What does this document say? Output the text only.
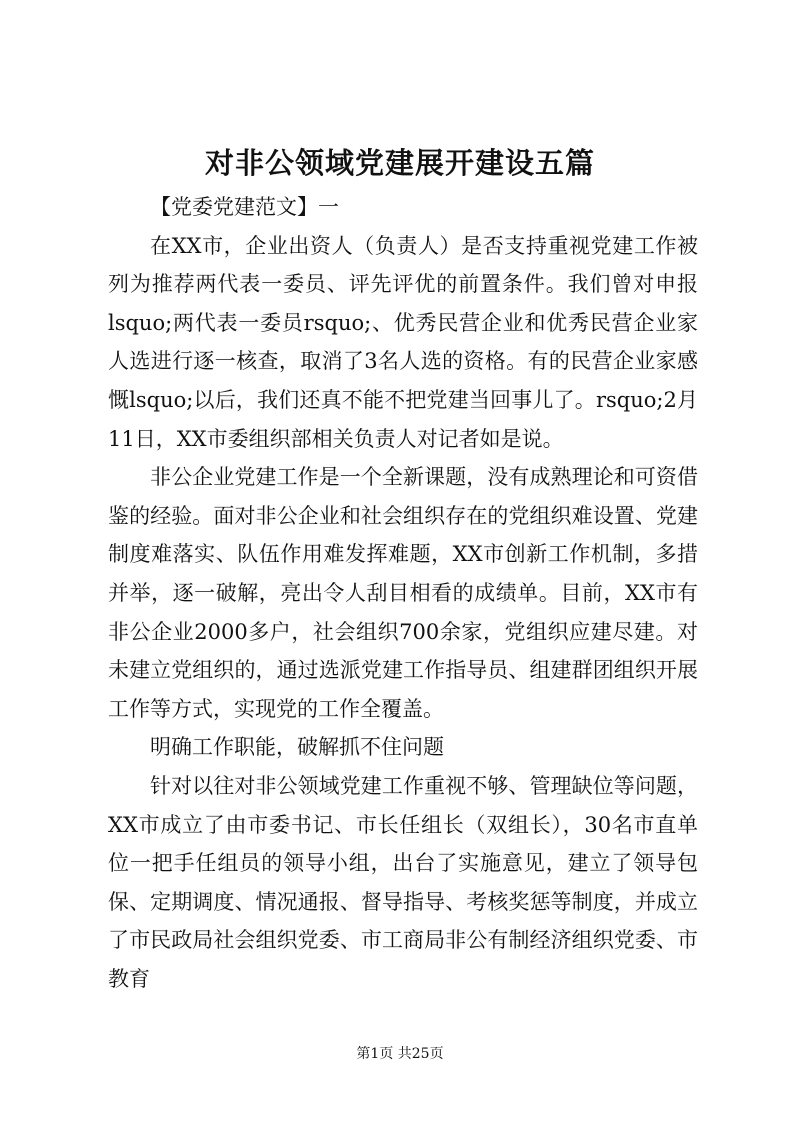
对非公领域党建展开建设五篇

【党委党建范文】一

在XX市，企业出资人（负责人）是否支持重视党建工作被列为推荐两代表一委员、评先评优的前置条件。我们曾对申报lsquo;两代表一委员rsquo;、优秀民营企业和优秀民营企业家人选进行逐一核查，取消了3名人选的资格。有的民营企业家感慨lsquo;以后，我们还真不能不把党建当回事儿了。rsquo;2月11日，XX市委组织部相关负责人对记者如是说。

非公企业党建工作是一个全新课题，没有成熟理论和可资借鉴的经验。面对非公企业和社会组织存在的党组织难设置、党建制度难落实、队伍作用难发挥难题，XX市创新工作机制，多措并举，逐一破解，亮出令人刮目相看的成绩单。目前，XX市有非公企业2000多户，社会组织700余家，党组织应建尽建。对未建立党组织的，通过选派党建工作指导员、组建群团组织开展工作等方式，实现党的工作全覆盖。

明确工作职能，破解抓不住问题

针对以往对非公领域党建工作重视不够、管理缺位等问题，XX市成立了由市委书记、市长任组长（双组长），30名市直单位一把手任组员的领导小组，出台了实施意见，建立了领导包保、定期调度、情况通报、督导指导、考核奖惩等制度，并成立了市民政局社会组织党委、市工商局非公有制经济组织党委、市教育

第1页 共25页
